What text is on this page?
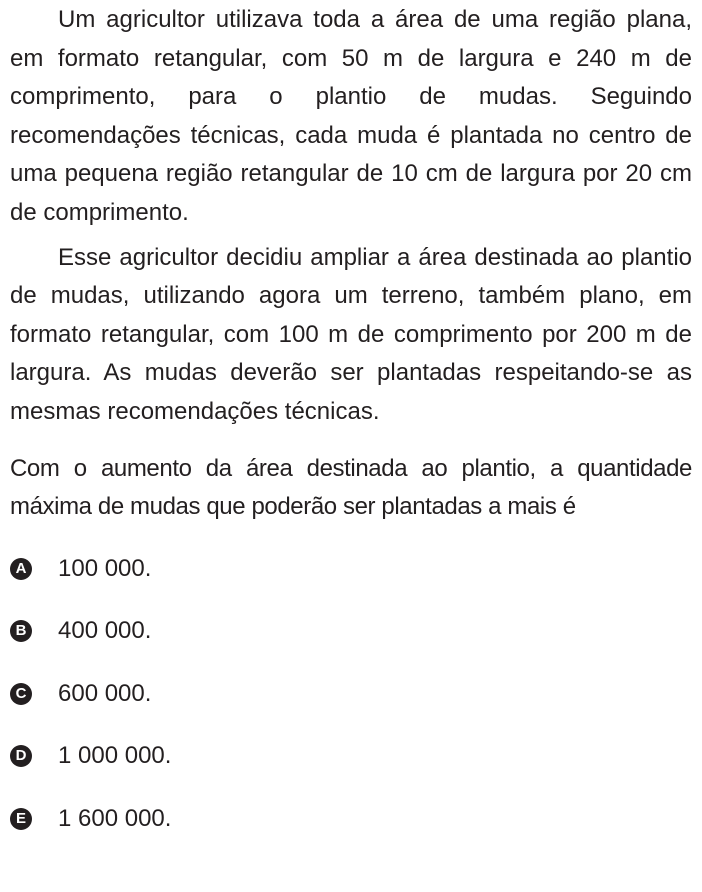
Um agricultor utilizava toda a área de uma região plana, em formato retangular, com 50 m de largura e 240 m de comprimento, para o plantio de mudas. Seguindo recomendações técnicas, cada muda é plantada no centro de uma pequena região retangular de 10 cm de largura por 20 cm de comprimento.

Esse agricultor decidiu ampliar a área destinada ao plantio de mudas, utilizando agora um terreno, também plano, em formato retangular, com 100 m de comprimento por 200 m de largura. As mudas deverão ser plantadas respeitando-se as mesmas recomendações técnicas.

Com o aumento da área destinada ao plantio, a quantidade máxima de mudas que poderão ser plantadas a mais é

A 100 000.
B 400 000.
C 600 000.
D 1 000 000.
E 1 600 000.
